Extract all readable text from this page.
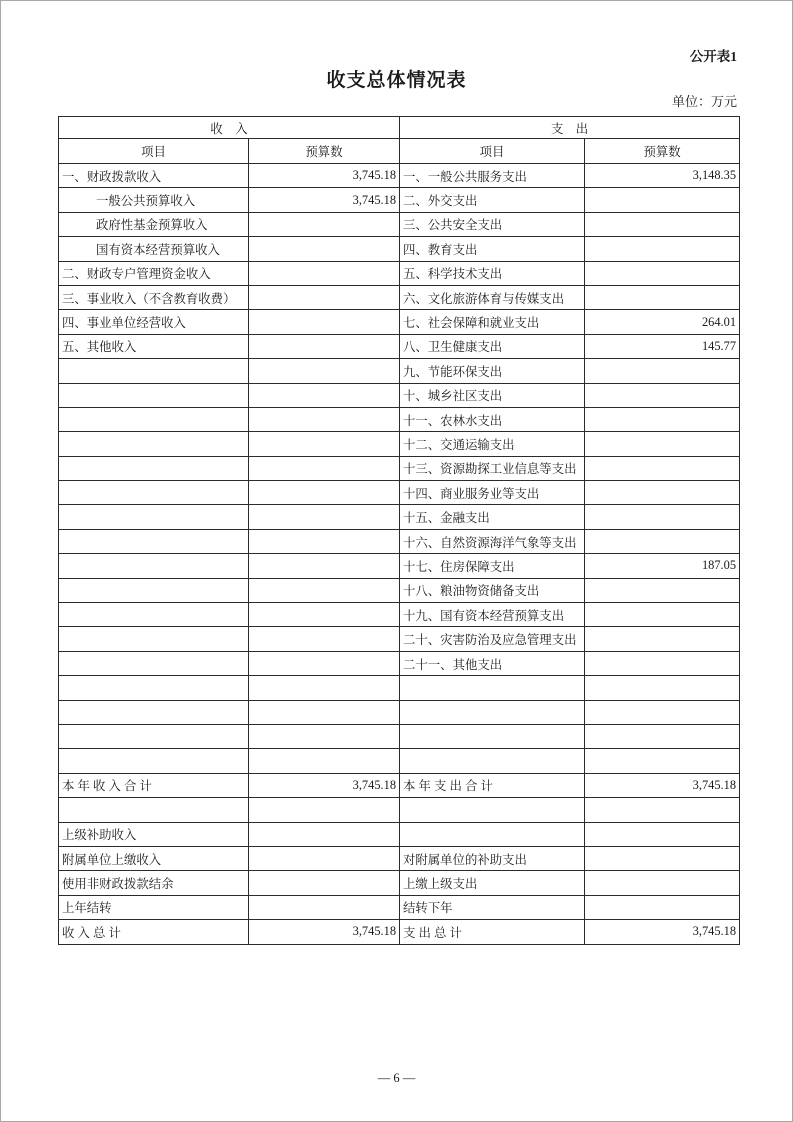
公开表1
收支总体情况表
单位：万元
收　入		支　出	
项目	预算数	项目	预算数
一、财政拨款收入	3,745.18	一、一般公共服务支出	3,148.35
一般公共预算收入	3,745.18	二、外交支出	
政府性基金预算收入		三、公共安全支出	
国有资本经营预算收入		四、教育支出	
二、财政专户管理资金收入		五、科学技术支出	
三、事业收入（不含教育收费）		六、文化旅游体育与传媒支出	
四、事业单位经营收入		七、社会保障和就业支出	264.01
五、其他收入		八、卫生健康支出	145.77
		九、节能环保支出	
		十、城乡社区支出	
		十一、农林水支出	
		十二、交通运输支出	
		十三、资源勘探工业信息等支出	
		十四、商业服务业等支出	
		十五、金融支出	
		十六、自然资源海洋气象等支出	
		十七、住房保障支出	187.05
		十八、粮油物资储备支出	
		十九、国有资本经营预算支出	
		二十、灾害防治及应急管理支出	
		二十一、其他支出	

本 年 收 入 合 计	3,745.18	本 年 支 出 合 计	3,745.18

上级补助收入			
附属单位上缴收入		对附属单位的补助支出	
使用非财政拨款结余		上缴上级支出	
上年结转		结转下年	
收 入 总 计	3,745.18	支 出 总 计	3,745.18
— 6 —
